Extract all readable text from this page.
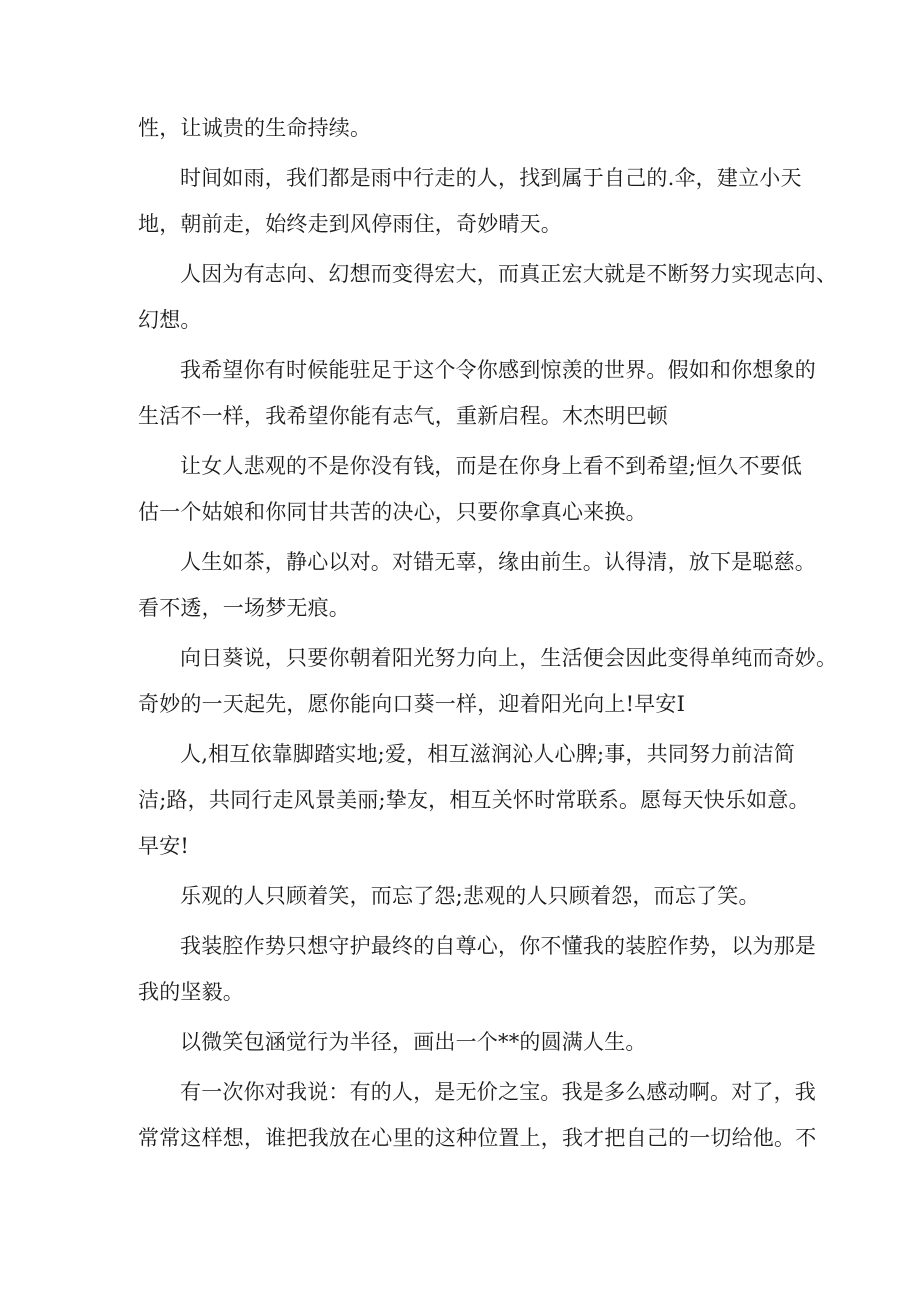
性，让诚贵的生命持续。
时间如雨，我们都是雨中行走的人，找到属于自己的.伞，建立小天
地，朝前走，始终走到风停雨住，奇妙晴天。
人因为有志向、幻想而变得宏大，而真正宏大就是不断努力实现志向、
幻想。
我希望你有时候能驻足于这个令你感到惊羡的世界。假如和你想象的
生活不一样，我希望你能有志气，重新启程。木杰明巴顿
让女人悲观的不是你没有钱，而是在你身上看不到希望;恒久不要低
估一个姑娘和你同甘共苦的决心，只要你拿真心来换。
人生如茶，静心以对。对错无辜，缘由前生。认得清，放下是聪慈。
看不透，一场梦无痕。
向日葵说，只要你朝着阳光努力向上，生活便会因此变得单纯而奇妙。
奇妙的一天起先，愿你能向口葵一样，迎着阳光向上!早安I
人,相互依靠脚踏实地;爱，相互滋润沁人心脾;事，共同努力前洁简
洁;路，共同行走风景美丽;挚友，相互关怀时常联系。愿每天快乐如意。
早安!
乐观的人只顾着笑，而忘了怨;悲观的人只顾着怨，而忘了笑。
我装腔作势只想守护最终的自尊心，你不懂我的装腔作势，以为那是
我的坚毅。
以微笑包涵觉行为半径，画出一个**的圆满人生。
有一次你对我说：有的人，是无价之宝。我是多么感动啊。对了，我
常常这样想，谁把我放在心里的这种位置上，我才把自己的一切给他。不
